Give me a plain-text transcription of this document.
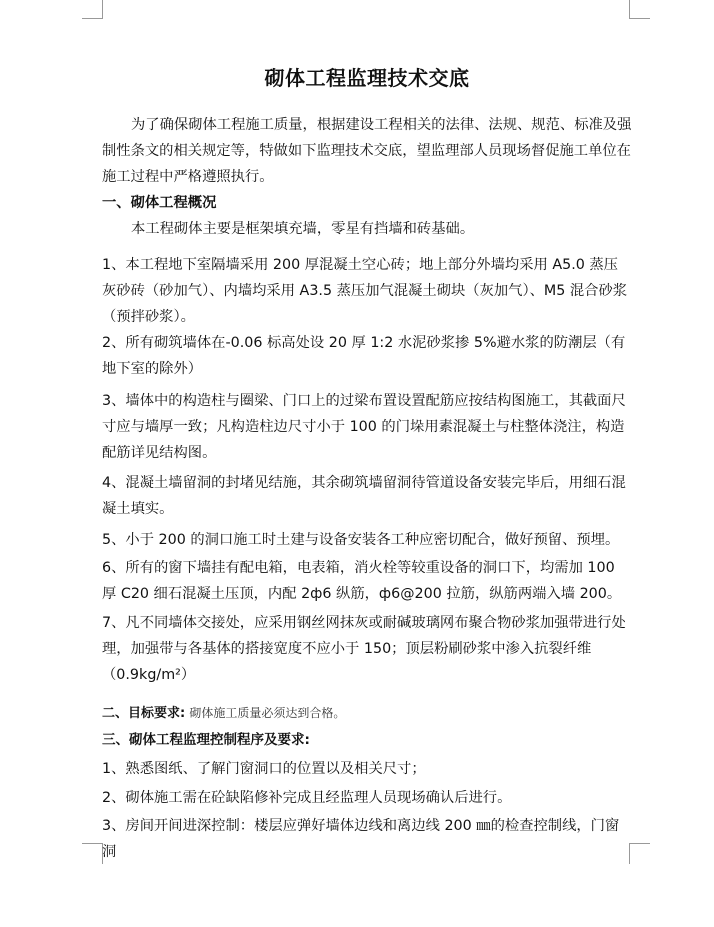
砌体工程监理技术交底
为了确保砌体工程施工质量，根据建设工程相关的法律、法规、规范、标准及强制性条文的相关规定等，特做如下监理技术交底，望监理部人员现场督促施工单位在施工过程中严格遵照执行。
一、砌体工程概况
本工程砌体主要是框架填充墙，零星有挡墙和砖基础。
1、本工程地下室隔墙采用 200 厚混凝土空心砖；地上部分外墙均采用 A5.0 蒸压灰砂砖（砂加气）、内墙均采用 A3.5 蒸压加气混凝土砌块（灰加气）、M5 混合砂浆（预拌砂浆）。
2、所有砌筑墙体在-0.06 标高处设 20 厚 1:2 水泥砂浆掺 5%避水浆的防潮层（有地下室的除外）
3、墙体中的构造柱与圈梁、门口上的过梁布置设置配筋应按结构图施工，其截面尺寸应与墙厚一致；凡构造柱边尺寸小于 100 的门垛用素混凝土与柱整体浇注，构造配筋详见结构图。
4、混凝土墙留洞的封堵见结施，其余砌筑墙留洞待管道设备安装完毕后，用细石混凝土填实。
5、小于 200 的洞口施工时土建与设备安装各工种应密切配合，做好预留、预埋。
6、所有的窗下墙挂有配电箱，电表箱，消火栓等较重设备的洞口下，均需加 100 厚 C20 细石混凝土压顶，内配 2ф6 纵筋，ф6@200 拉筋，纵筋两端入墙 200。
7、凡不同墙体交接处，应采用钢丝网抹灰或耐碱玻璃网布聚合物砂浆加强带进行处理，加强带与各基体的搭接宽度不应小于 150；顶层粉刷砂浆中渗入抗裂纤维（0.9kg/m²）
二、目标要求: 砌体施工质量必须达到合格。
三、砌体工程监理控制程序及要求:
1、熟悉图纸、了解门窗洞口的位置以及相关尺寸；
2、砌体施工需在砼缺陷修补完成且经监理人员现场确认后进行。
3、房间开间进深控制：楼层应弹好墙体边线和离边线 200 ㎜的检查控制线，门窗洞
